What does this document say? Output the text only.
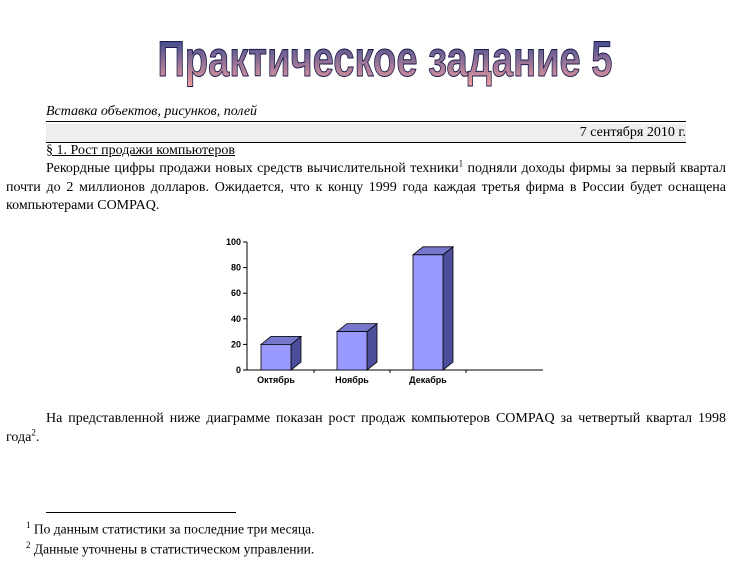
Практическое задание 5
Вставка объектов, рисунков, полей
7 сентября 2010 г.
§ 1. Рост продажи компьютеров

Рекордные цифры продажи новых средств вычислительной техники$^1$ подняли доходы фирмы за первый квартал почти до 2 миллионов долларов. Ожидается, что к концу 1999 года каждая третья фирма в России будет оснащена компьютерами COMPAQ.

0
20
40
60
80
100
Октябрь	Ноябрь	Декабрь

На представленной ниже диаграмме показан рост продаж компьютеров COMPAQ за четвертый квартал 1998 года$^2$.

$^1$ По данным статистики за последние три месяца.
$^2$ Данные уточнены в статистическом управлении.
